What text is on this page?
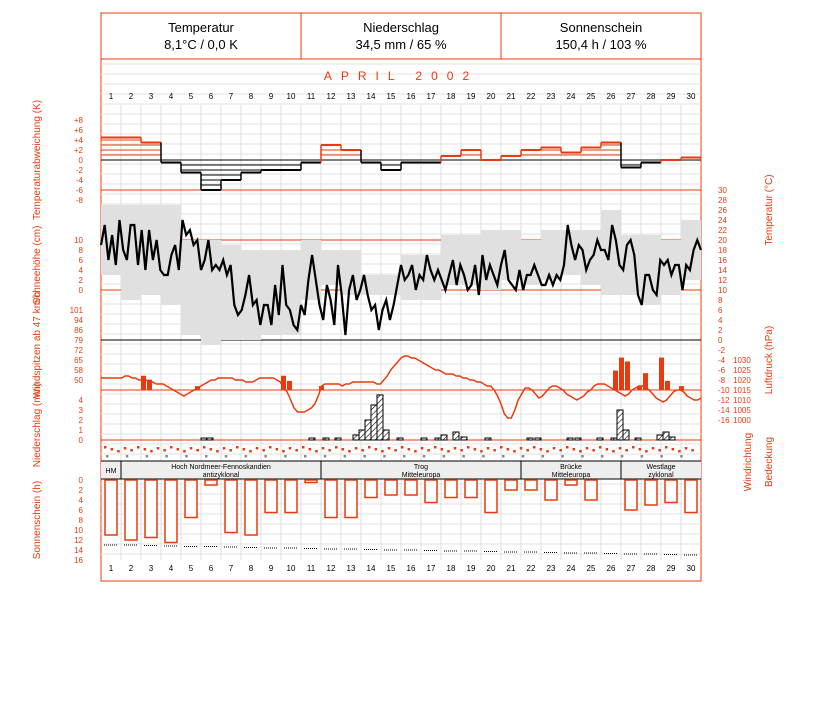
Temperatur
8,1°C / 0,0 K
Niederschlag
34,5 mm / 65 %
Sonnenschein
150,4 h / 103 %
APRIL 2002
1
1
2
2
3
3
4
4
5
5
6
6
7
7
8
8
9
9
10
10
11
11
12
12
13
13
14
14
15
15
16
16
17
17
18
18
19
19
20
20
21
21
22
22
23
23
24
24
25
25
26
26
27
27
28
28
29
29
30
30
+8
+6
+4
+2
0
-2
-4
-6
-8
30
28
26
24
22
20
18
16
14
12
10
8
6
4
2
0
-2
-4
-6
-8
-10
-12
-14
-16
10
8
6
4
2
0
101
94
86
79
72
65
58
50
1030
1025
1020
1015
1010
1005
1000
4
3
2
1
0
HM
Hoch Nordmeer-Fennoskandien
antizyklonal
Trog
Mitteleuropa
Brücke
Mitteleuropa
Westlage
zyklonal
0
2
4
6
8
10
12
14
16
Temperaturabweichung (K)
Schneehöhe (cm)
Windspitzen ab 47 km/h
Niederschlag (mm)
Sonnenschein (h)
Temperatur (°C)
Luftdruck (hPa)
Windrichtung Bedeckung
